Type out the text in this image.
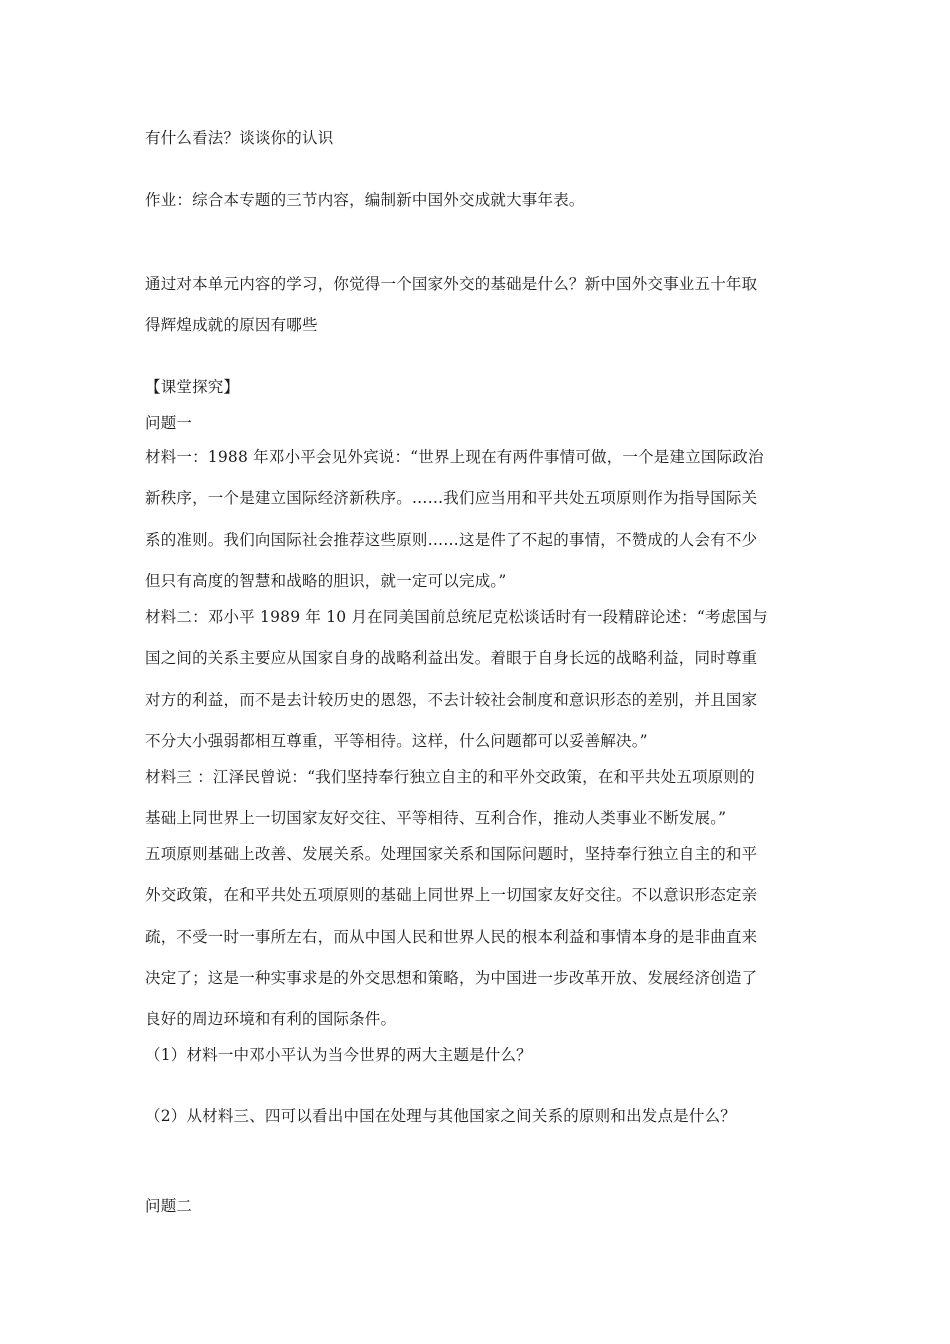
有什么看法？谈谈你的认识
作业：综合本专题的三节内容，编制新中国外交成就大事年表。
通过对本单元内容的学习，你觉得一个国家外交的基础是什么？新中国外交事业五十年取
得辉煌成就的原因有哪些
【课堂探究】
问题一
材料一：1988 年邓小平会见外宾说：“世界上现在有两件事情可做，一个是建立国际政治
新秩序，一个是建立国际经济新秩序。……我们应当用和平共处五项原则作为指导国际关
系的准则。我们向国际社会推荐这些原则……这是件了不起的事情，不赞成的人会有不少
但只有高度的智慧和战略的胆识，就一定可以完成。”
材料二：邓小平 1989 年 10 月在同美国前总统尼克松谈话时有一段精辟论述：“考虑国与
国之间的关系主要应从国家自身的战略利益出发。着眼于自身长远的战略利益，同时尊重
对方的利益，而不是去计较历史的恩怨，不去计较社会制度和意识形态的差别，并且国家
不分大小强弱都相互尊重，平等相待。这样，什么问题都可以妥善解决。”
材料三 ：江泽民曾说：“我们坚持奉行独立自主的和平外交政策，在和平共处五项原则的
基础上同世界上一切国家友好交往、平等相待、互利合作，推动人类事业不断发展。”
五项原则基础上改善、发展关系。处理国家关系和国际问题时，坚持奉行独立自主的和平
外交政策，在和平共处五项原则的基础上同世界上一切国家友好交往。不以意识形态定亲
疏，不受一时一事所左右，而从中国人民和世界人民的根本利益和事情本身的是非曲直来
决定了；这是一种实事求是的外交思想和策略，为中国进一步改革开放、发展经济创造了
良好的周边环境和有利的国际条件。
（1）材料一中邓小平认为当今世界的两大主题是什么？
（2）从材料三、四可以看出中国在处理与其他国家之间关系的原则和出发点是什么？
问题二
